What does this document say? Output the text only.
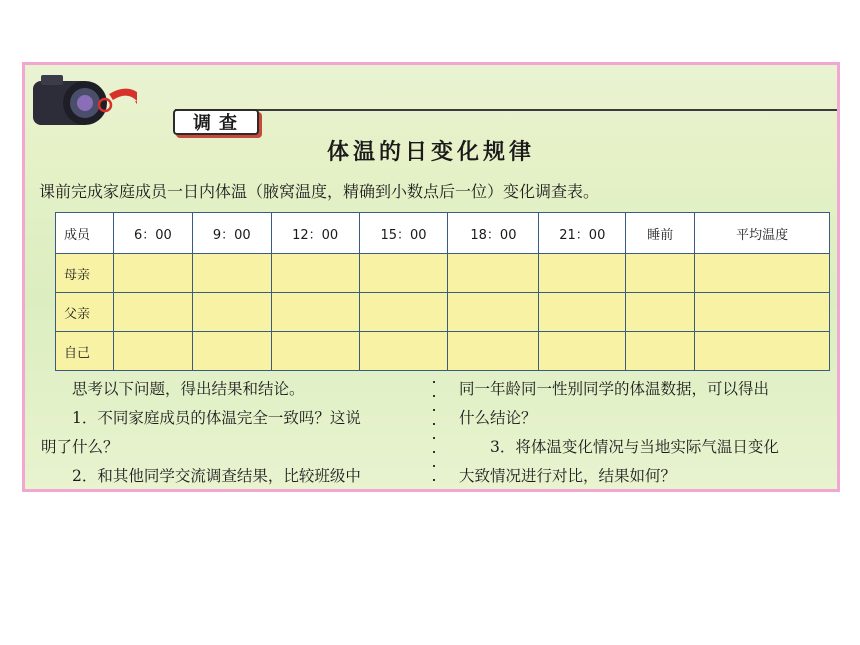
调查
体温的日变化规律
课前完成家庭成员一日内体温（腋窝温度，精确到小数点后一位）变化调查表。
成员	6：00	9：00	12：00	15：00	18：00	21：00	睡前	平均温度
母亲								
父亲								
自己								

思考以下问题，得出结果和结论。

1．不同家庭成员的体温完全一致吗？这说

明了什么？

2．和其他同学交流调查结果，比较班级中

同一年龄同一性别同学的体温数据，可以得出

什么结论？

3．将体温变化情况与当地实际气温日变化

大致情况进行对比，结果如何？
